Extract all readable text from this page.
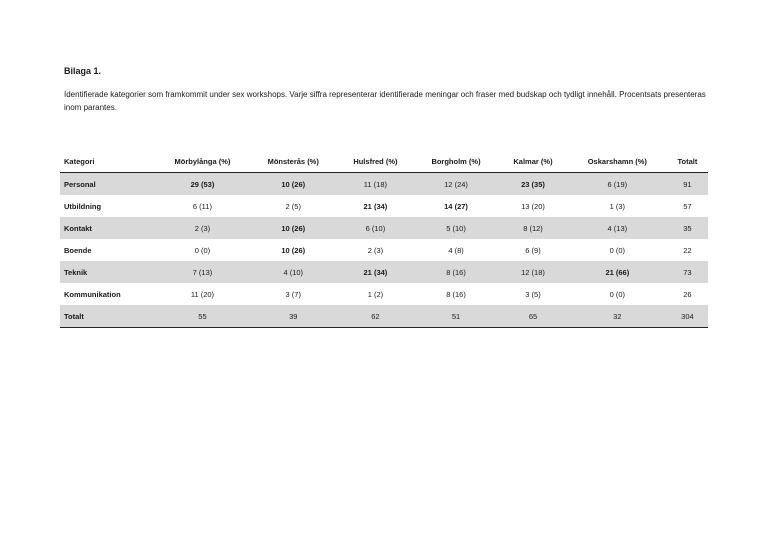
Bilaga 1.
Identifierade kategorier som framkommit under sex workshops. Varje siffra representerar identifierade meningar och fraser med budskap och tydligt innehåll. Procentsats presenteras inom parantes.
Kategori	Mörbylånga (%)	Mönsterås (%)	Hulsfred (%)	Borgholm (%)	Kalmar (%)	Oskarshamn (%)	Totalt
Personal	29 (53)	10 (26)	11 (18)	12 (24)	23 (35)	6 (19)	91
Utbildning	6 (11)	2 (5)	21 (34)	14 (27)	13 (20)	1 (3)	57
Kontakt	2 (3)	10 (26)	6 (10)	5 (10)	8 (12)	4 (13)	35
Boende	0 (0)	10 (26)	2 (3)	4 (8)	6 (9)	0 (0)	22
Teknik	7 (13)	4 (10)	21 (34)	8 (16)	12 (18)	21 (66)	73
Kommunikation	11 (20)	3 (7)	1 (2)	8 (16)	3 (5)	0 (0)	26
Totalt	55	39	62	51	65	32	304
